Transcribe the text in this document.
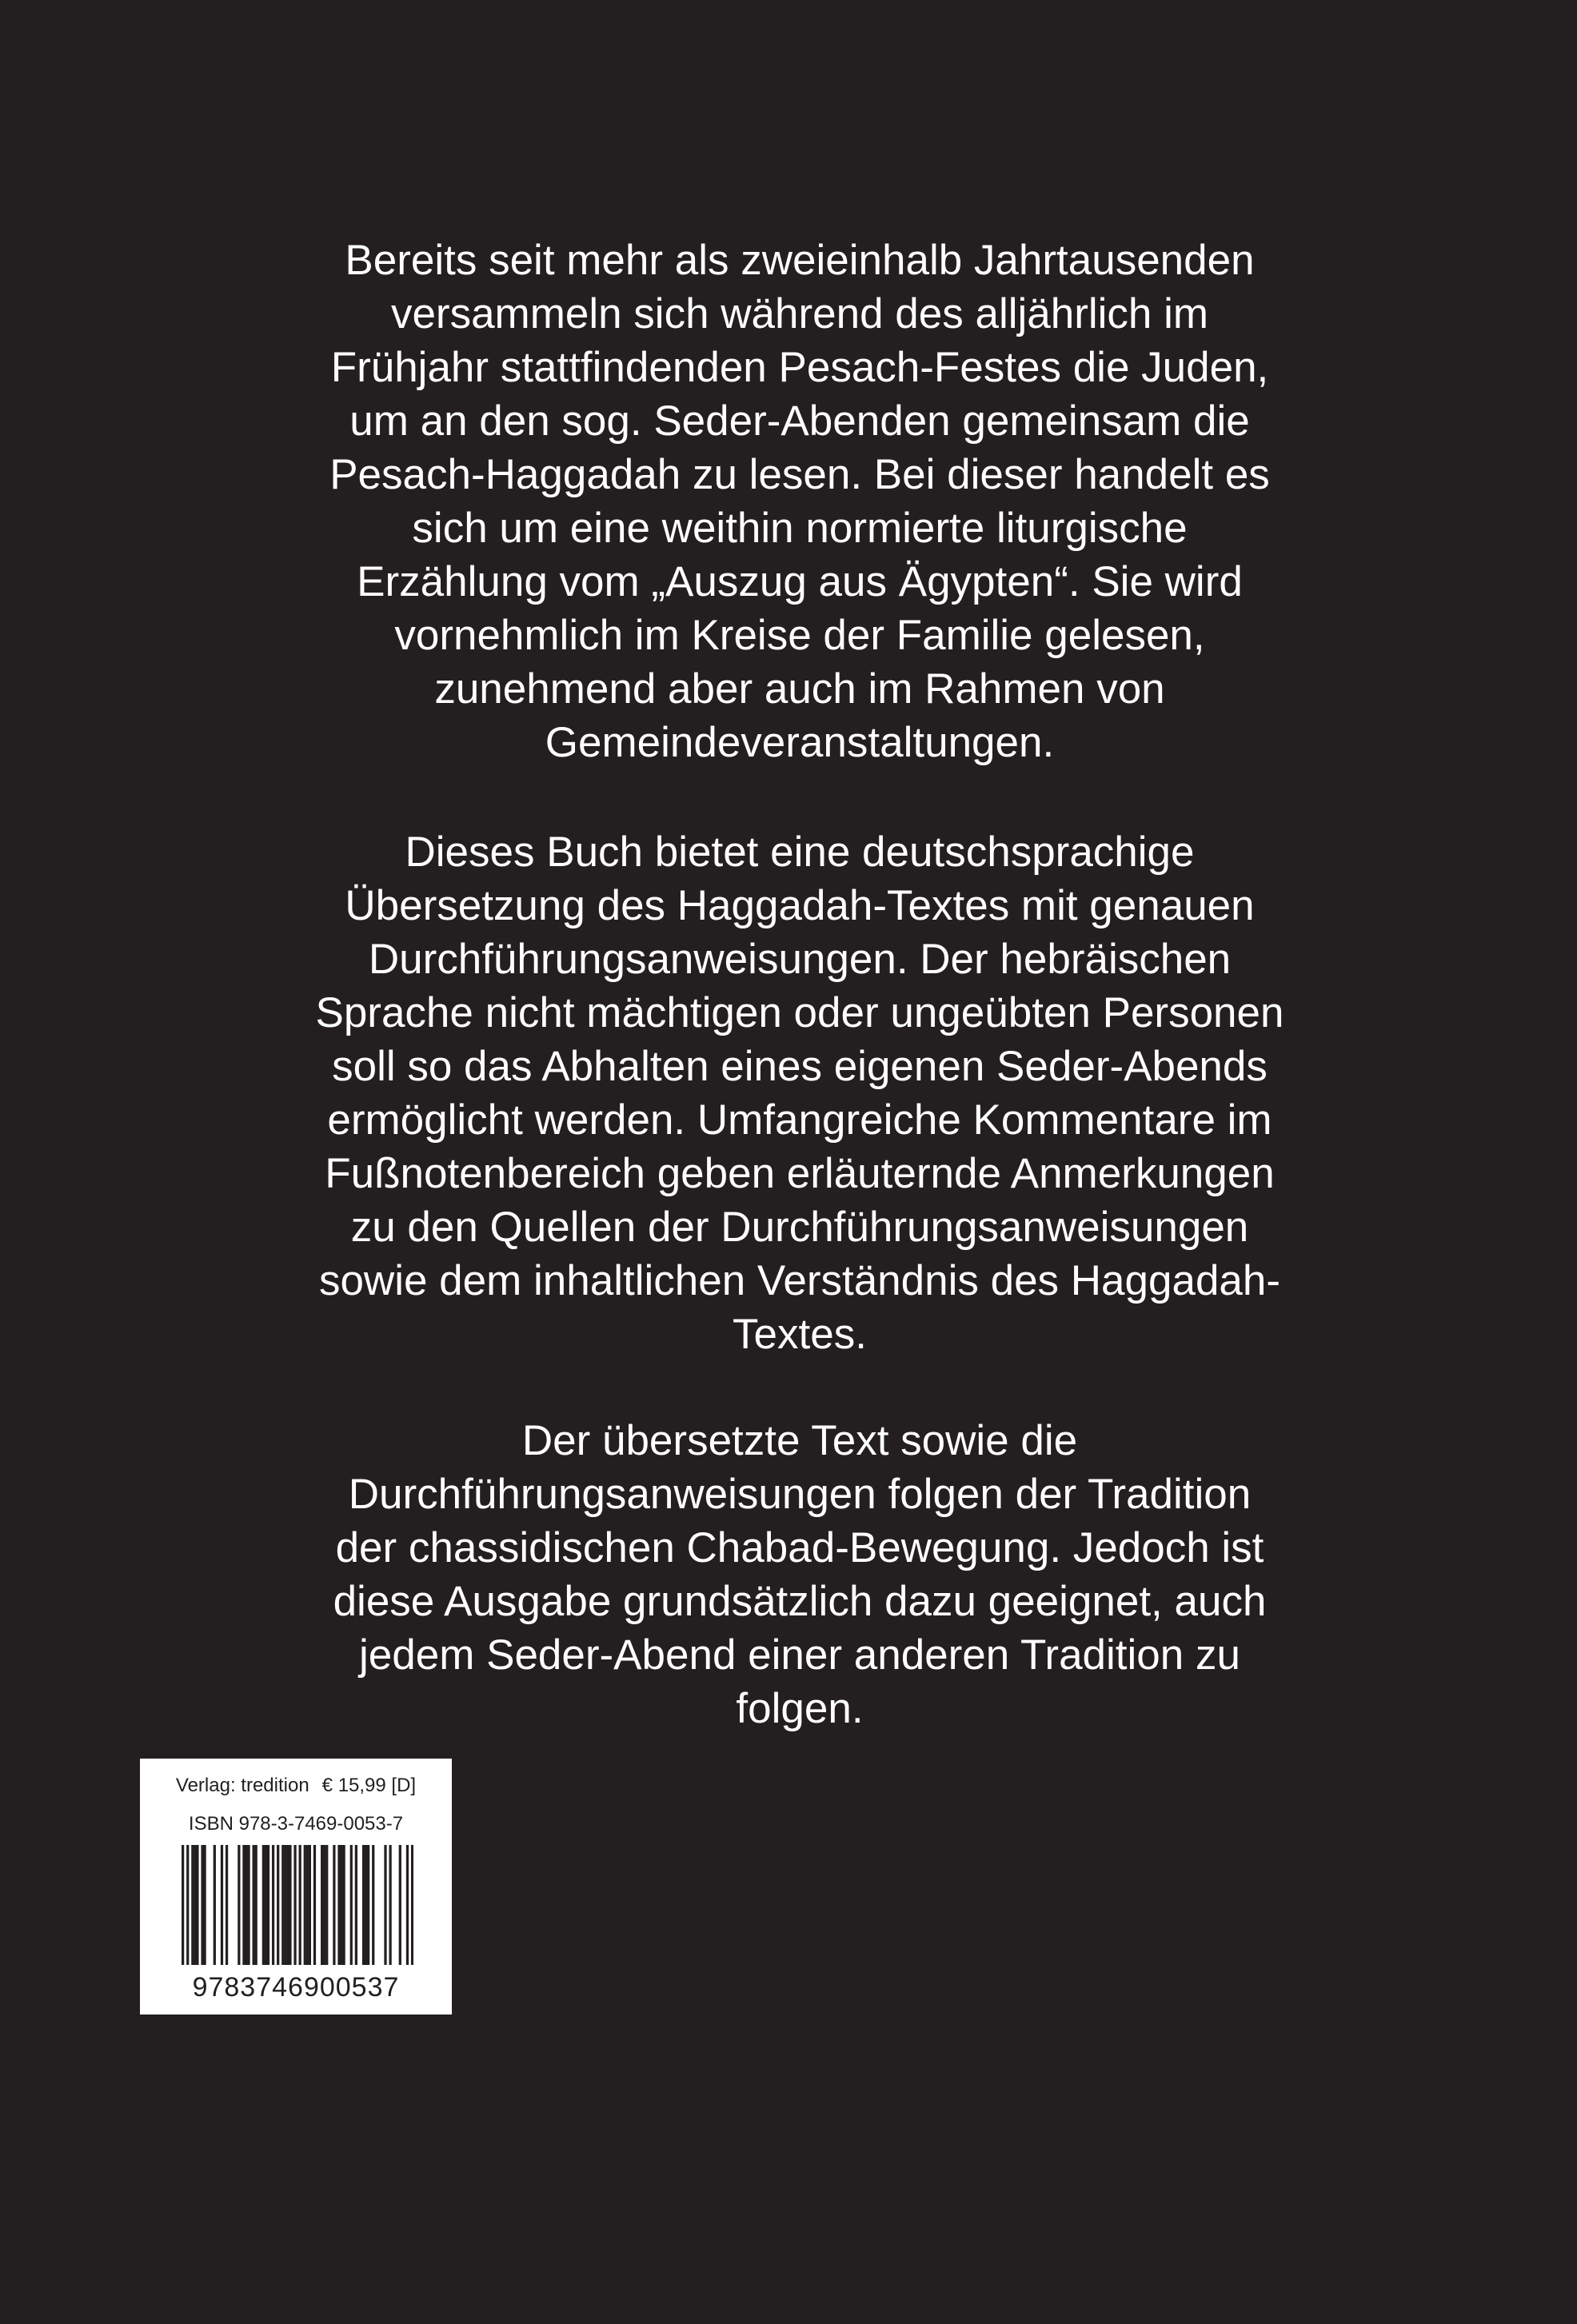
Bereits seit mehr als zweieinhalb Jahrtausenden
versammeln sich während des alljährlich im
Frühjahr stattfindenden Pesach-Festes die Juden,
um an den sog. Seder-Abenden gemeinsam die
Pesach-Haggadah zu lesen. Bei dieser handelt es
sich um eine weithin normierte liturgische
Erzählung vom „Auszug aus Ägypten“. Sie wird
vornehmlich im Kreise der Familie gelesen,
zunehmend aber auch im Rahmen von
Gemeindeveranstaltungen.
Dieses Buch bietet eine deutschsprachige
Übersetzung des Haggadah-Textes mit genauen
Durchführungsanweisungen. Der hebräischen
Sprache nicht mächtigen oder ungeübten Personen
soll so das Abhalten eines eigenen Seder-Abends
ermöglicht werden. Umfangreiche Kommentare im
Fußnotenbereich geben erläuternde Anmerkungen
zu den Quellen der Durchführungsanweisungen
sowie dem inhaltlichen Verständnis des Haggadah-
Textes.
Der übersetzte Text sowie die
Durchführungsanweisungen folgen der Tradition
der chassidischen Chabad-Bewegung. Jedoch ist
diese Ausgabe grundsätzlich dazu geeignet, auch
jedem Seder-Abend einer anderen Tradition zu
folgen.
Verlag: tredition € 15,99 [D]
ISBN 978-3-7469-0053-7
9783746900537
